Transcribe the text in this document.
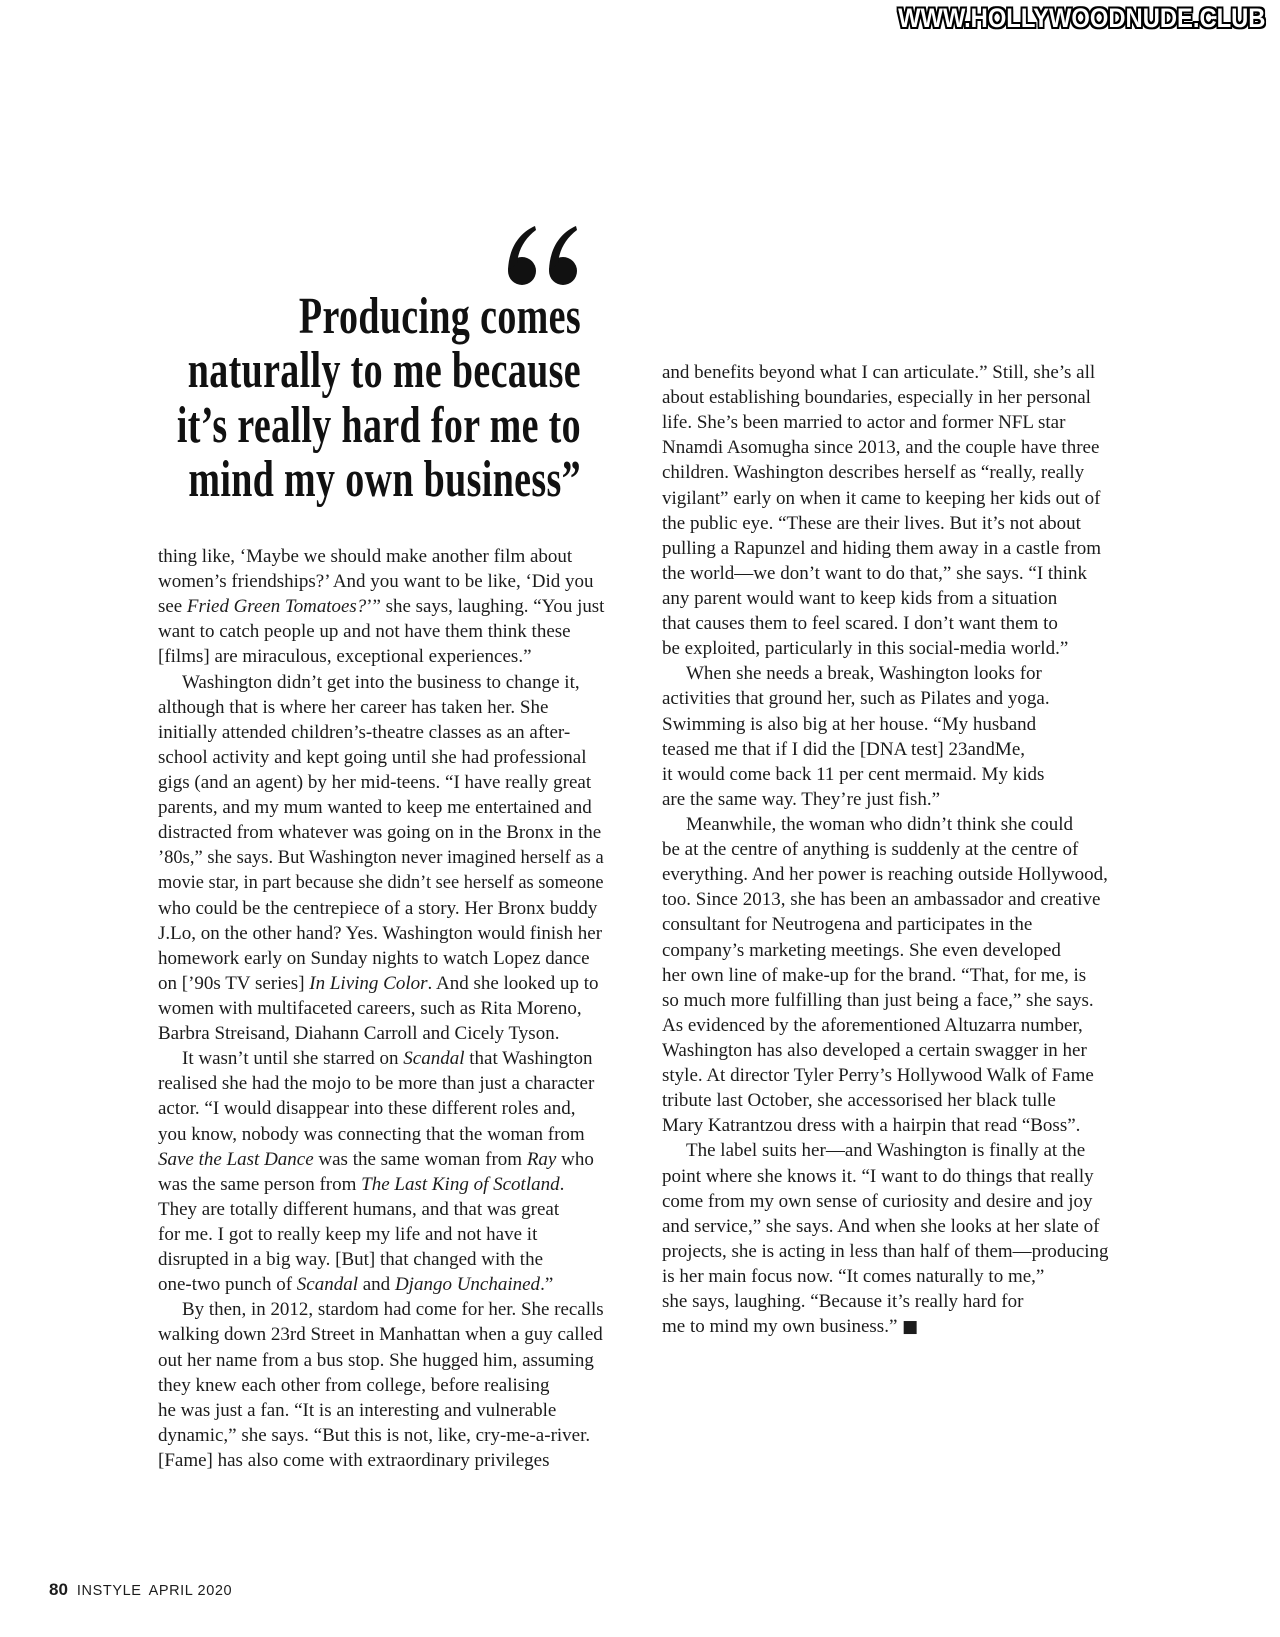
WWW.HOLLYWOODNUDE.CLUB
Producing comes
naturally to me because
it’s really hard for me to
mind my own business”
thing like, ‘Maybe we should make another film about
women’s friendships?’ And you want to be like, ‘Did you
see Fried Green Tomatoes?’” she says, laughing. “You just
want to catch people up and not have them think these
[films] are miraculous, exceptional experiences.”
Washington didn’t get into the business to change it,
although that is where her career has taken her. She
initially attended children’s-theatre classes as an after-
school activity and kept going until she had professional
gigs (and an agent) by her mid-teens. “I have really great
parents, and my mum wanted to keep me entertained and
distracted from whatever was going on in the Bronx in the
’80s,” she says. But Washington never imagined herself as a
movie star, in part because she didn’t see herself as someone
who could be the centrepiece of a story. Her Bronx buddy
J.Lo, on the other hand? Yes. Washington would finish her
homework early on Sunday nights to watch Lopez dance
on [’90s TV series] In Living Color. And she looked up to
women with multifaceted careers, such as Rita Moreno,
Barbra Streisand, Diahann Carroll and Cicely Tyson.
It wasn’t until she starred on Scandal that Washington
realised she had the mojo to be more than just a character
actor. “I would disappear into these different roles and,
you know, nobody was connecting that the woman from
Save the Last Dance was the same woman from Ray who
was the same person from The Last King of Scotland.
They are totally different humans, and that was great
for me. I got to really keep my life and not have it
disrupted in a big way. [But] that changed with the
one-two punch of Scandal and Django Unchained.”
By then, in 2012, stardom had come for her. She recalls
walking down 23rd Street in Manhattan when a guy called
out her name from a bus stop. She hugged him, assuming
they knew each other from college, before realising
he was just a fan. “It is an interesting and vulnerable
dynamic,” she says. “But this is not, like, cry-me-a-river.
[Fame] has also come with extraordinary privileges
and benefits beyond what I can articulate.” Still, she’s all
about establishing boundaries, especially in her personal
life. She’s been married to actor and former NFL star
Nnamdi Asomugha since 2013, and the couple have three
children. Washington describes herself as “really, really
vigilant” early on when it came to keeping her kids out of
the public eye. “These are their lives. But it’s not about
pulling a Rapunzel and hiding them away in a castle from
the world—we don’t want to do that,” she says. “I think
any parent would want to keep kids from a situation
that causes them to feel scared. I don’t want them to
be exploited, particularly in this social-media world.”
When she needs a break, Washington looks for
activities that ground her, such as Pilates and yoga.
Swimming is also big at her house. “My husband
teased me that if I did the [DNA test] 23andMe,
it would come back 11 per cent mermaid. My kids
are the same way. They’re just fish.”
Meanwhile, the woman who didn’t think she could
be at the centre of anything is suddenly at the centre of
everything. And her power is reaching outside Hollywood,
too. Since 2013, she has been an ambassador and creative
consultant for Neutrogena and participates in the
company’s marketing meetings. She even developed
her own line of make-up for the brand. “That, for me, is
so much more fulfilling than just being a face,” she says.
As evidenced by the aforementioned Altuzarra number,
Washington has also developed a certain swagger in her
style. At director Tyler Perry’s Hollywood Walk of Fame
tribute last October, she accessorised her black tulle
Mary Katrantzou dress with a hairpin that read “Boss”.
The label suits her—and Washington is finally at the
point where she knows it. “I want to do things that really
come from my own sense of curiosity and desire and joy
and service,” she says. And when she looks at her slate of
projects, she is acting in less than half of them—producing
is her main focus now. “It comes naturally to me,”
she says, laughing. “Because it’s really hard for
me to mind my own business.” ■
80 INSTYLE APRIL 2020
